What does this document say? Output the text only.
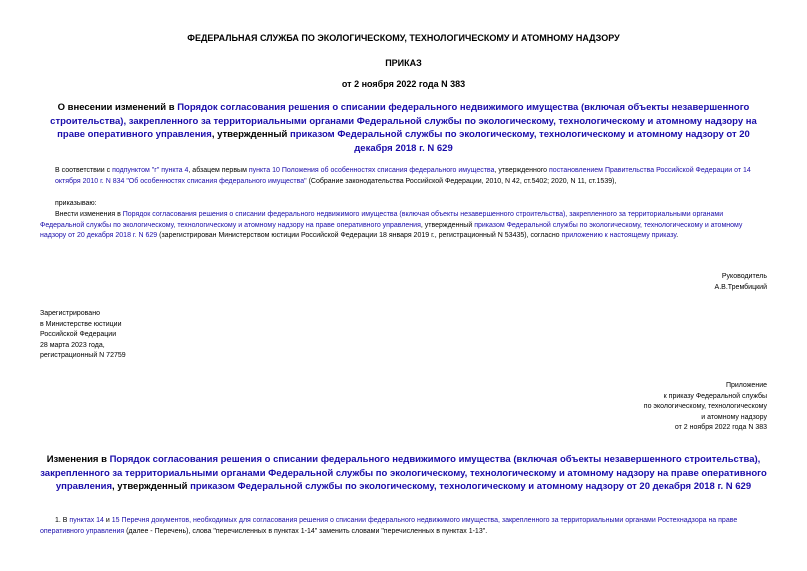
ФЕДЕРАЛЬНАЯ СЛУЖБА ПО ЭКОЛОГИЧЕСКОМУ, ТЕХНОЛОГИЧЕСКОМУ И АТОМНОМУ НАДЗОРУ
ПРИКАЗ
от 2 ноября 2022 года N 383
О внесении изменений в Порядок согласования решения о списании федерального недвижимого имущества (включая объекты незавершенного строительства), закрепленного за территориальными органами Федеральной службы по экологическому, технологическому и атомному надзору на праве оперативного управления, утвержденный приказом Федеральной службы по экологическому, технологическому и атомному надзору от 20 декабря 2018 г. N 629
В соответствии с подпунктом "г" пункта 4, абзацем первым пункта 10 Положения об особенностях списания федерального имущества, утвержденного постановлением Правительства Российской Федерации от 14 октября 2010 г. N 834 "Об особенностях списания федерального имущества" (Собрание законодательства Российской Федерации, 2010, N 42, ст.5402; 2020, N 11, ст.1539),
приказываю:
Внести изменения в Порядок согласования решения о списании федерального недвижимого имущества (включая объекты незавершенного строительства), закрепленного за территориальными органами Федеральной службы по экологическому, технологическому и атомному надзору на праве оперативного управления, утвержденный приказом Федеральной службы по экологическому, технологическому и атомному надзору от 20 декабря 2018 г. N 629 (зарегистрирован Министерством юстиции Российской Федерации 18 января 2019 г., регистрационный N 53435), согласно приложению к настоящему приказу.
Руководитель
А.В.Трембицкий
Зарегистрировано
в Министерстве юстиции
Российской Федерации
28 марта 2023 года,
регистрационный N 72759
Приложение
к приказу Федеральной службы
по экологическому, технологическому
и атомному надзору
от 2 ноября 2022 года N 383
Изменения в Порядок согласования решения о списании федерального недвижимого имущества (включая объекты незавершенного строительства), закрепленного за территориальными органами Федеральной службы по экологическому, технологическому и атомному надзору на праве оперативного управления, утвержденный приказом Федеральной службы по экологическому, технологическому и атомному надзору от 20 декабря 2018 г. N 629
1. В пунктах 14 и 15 Перечня документов, необходимых для согласования решения о списании федерального недвижимого имущества, закрепленного за территориальными органами Ростехнадзора на праве оперативного управления (далее - Перечень), слова "перечисленных в пунктах 1-14" заменить словами "перечисленных в пунктах 1-13".
